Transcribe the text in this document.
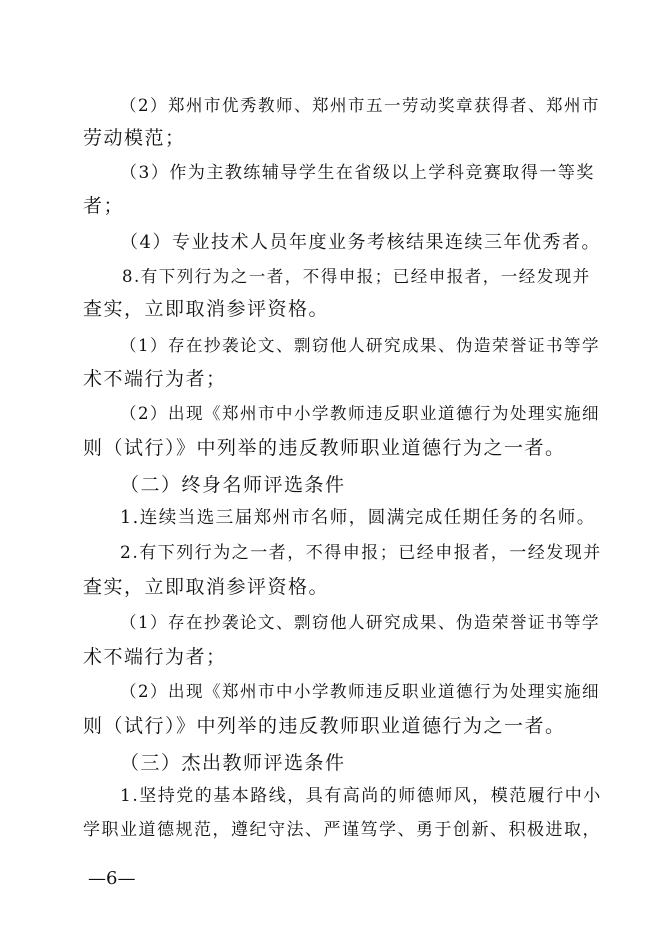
（2）郑州市优秀教师、郑州市五一劳动奖章获得者、郑州市
劳动模范；
（3）作为主教练辅导学生在省级以上学科竞赛取得一等奖
者；
（4）专业技术人员年度业务考核结果连续三年优秀者。
8.有下列行为之一者，不得申报；已经申报者，一经发现并
查实，立即取消参评资格。
（1）存在抄袭论文、剽窃他人研究成果、伪造荣誉证书等学
术不端行为者；
（2）出现《郑州市中小学教师违反职业道德行为处理实施细
则（试行）》中列举的违反教师职业道德行为之一者。
（二）终身名师评选条件
1.连续当选三届郑州市名师，圆满完成任期任务的名师。
2.有下列行为之一者，不得申报；已经申报者，一经发现并
查实，立即取消参评资格。
（1）存在抄袭论文、剽窃他人研究成果、伪造荣誉证书等学
术不端行为者；
（2）出现《郑州市中小学教师违反职业道德行为处理实施细
则（试行）》中列举的违反教师职业道德行为之一者。
（三）杰出教师评选条件
1.坚持党的基本路线，具有高尚的师德师风，模范履行中小
学职业道德规范，遵纪守法、严谨笃学、勇于创新、积极进取，
—6—
